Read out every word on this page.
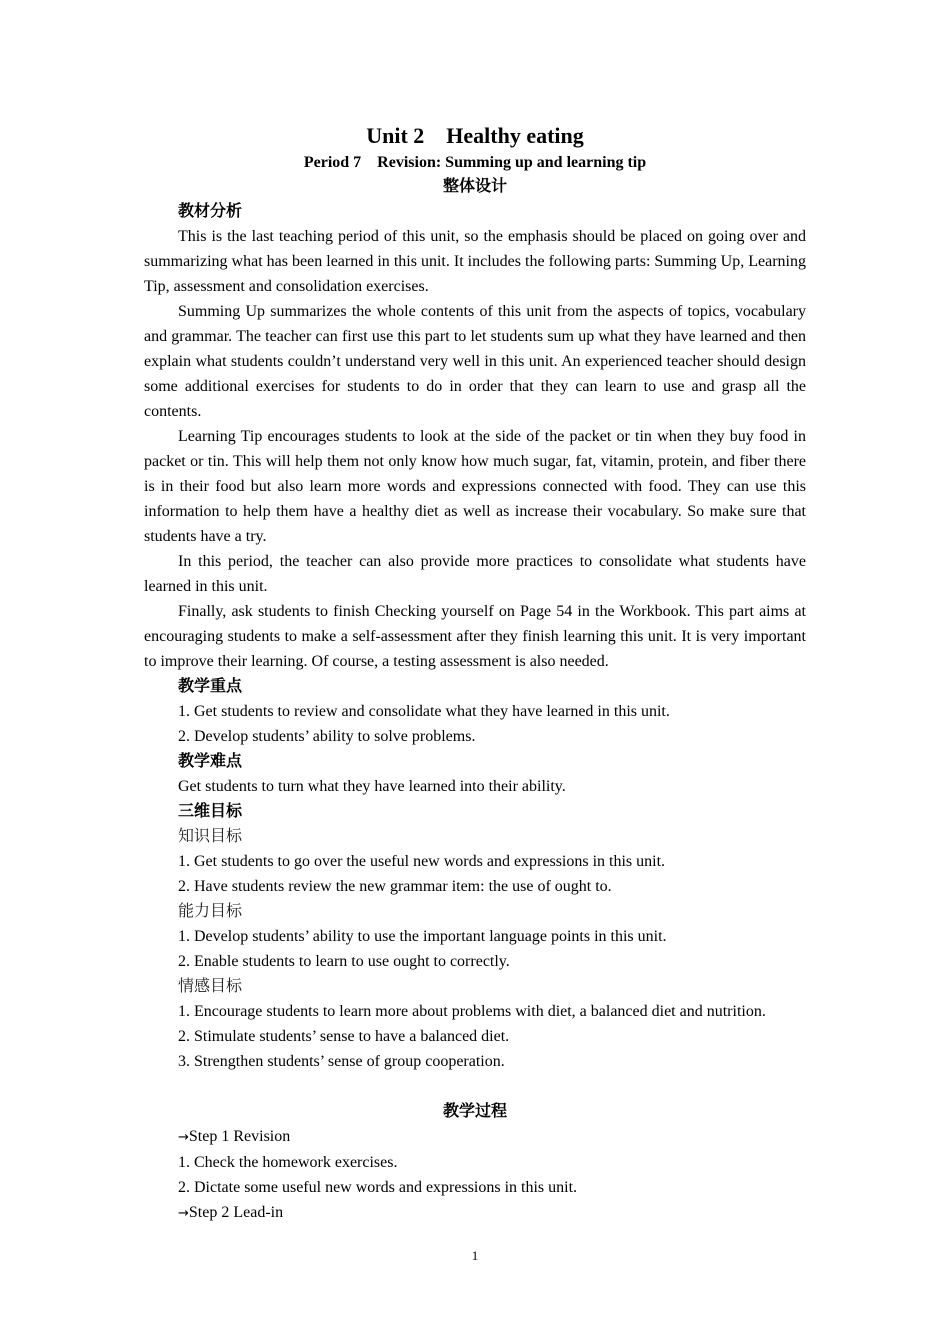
Unit 2　Healthy eating

Period 7　Revision: Summing up and learning tip

整体设计

教材分析

This is the last teaching period of this unit, so the emphasis should be placed on going over and summarizing what has been learned in this unit. It includes the following parts: Summing Up, Learning Tip, assessment and consolidation exercises.

Summing Up summarizes the whole contents of this unit from the aspects of topics, vocabulary and grammar. The teacher can first use this part to let students sum up what they have learned and then explain what students couldn’t understand very well in this unit. An experienced teacher should design some additional exercises for students to do in order that they can learn to use and grasp all the contents.

Learning Tip encourages students to look at the side of the packet or tin when they buy food in packet or tin. This will help them not only know how much sugar, fat, vitamin, protein, and fiber there is in their food but also learn more words and expressions connected with food. They can use this information to help them have a healthy diet as well as increase their vocabulary. So make sure that students have a try.

In this period, the teacher can also provide more practices to consolidate what students have learned in this unit.

Finally, ask students to finish Checking yourself on Page 54 in the Workbook. This part aims at encouraging students to make a self-assessment after they finish learning this unit. It is very important to improve their learning. Of course, a testing assessment is also needed.

教学重点

1. Get students to review and consolidate what they have learned in this unit.

2. Develop students’ ability to solve problems.

教学难点

Get students to turn what they have learned into their ability.

三维目标

知识目标

1. Get students to go over the useful new words and expressions in this unit.

2. Have students review the new grammar item: the use of ought to.

能力目标

1. Develop students’ ability to use the important language points in this unit.

2. Enable students to learn to use ought to correctly.

情感目标

1. Encourage students to learn more about problems with diet, a balanced diet and nutrition.

2. Stimulate students’ sense to have a balanced diet.

3. Strengthen students’ sense of group cooperation.

教学过程

→Step 1 Revision

1. Check the homework exercises.

2. Dictate some useful new words and expressions in this unit.

→Step 2 Lead-in

1
